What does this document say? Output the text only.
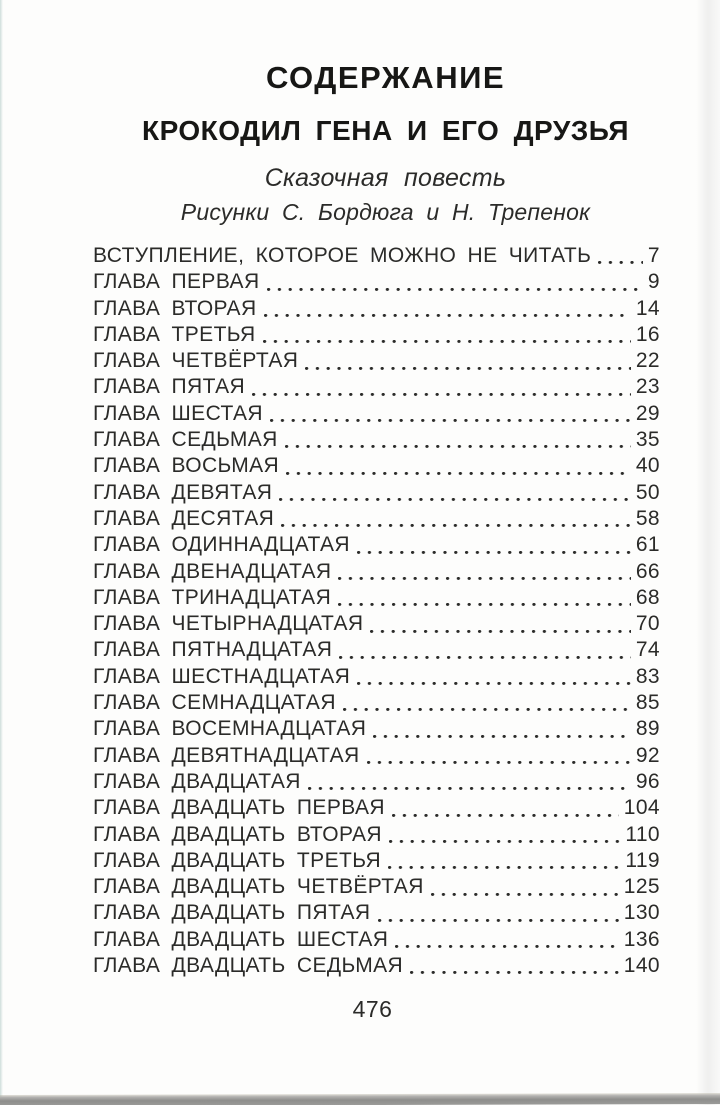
СОДЕРЖАНИЕ
КРОКОДИЛ ГЕНА И ЕГО ДРУЗЬЯ

Сказочная повесть

Рисунки С. Бордюга и Н. Трепенок

ВСТУПЛЕНИЕ, КОТОРОЕ МОЖНО НЕ ЧИТАТЬ	7
ГЛАВА ПЕРВАЯ	9
ГЛАВА ВТОРАЯ	14
ГЛАВА ТРЕТЬЯ	16
ГЛАВА ЧЕТВЁРТАЯ	22
ГЛАВА ПЯТАЯ	23
ГЛАВА ШЕСТАЯ	29
ГЛАВА СЕДЬМАЯ	35
ГЛАВА ВОСЬМАЯ	40
ГЛАВА ДЕВЯТАЯ	50
ГЛАВА ДЕСЯТАЯ	58
ГЛАВА ОДИННАДЦАТАЯ	61
ГЛАВА ДВЕНАДЦАТАЯ	66
ГЛАВА ТРИНАДЦАТАЯ	68
ГЛАВА ЧЕТЫРНАДЦАТАЯ	70
ГЛАВА ПЯТНАДЦАТАЯ	74
ГЛАВА ШЕСТНАДЦАТАЯ	83
ГЛАВА СЕМНАДЦАТАЯ	85
ГЛАВА ВОСЕМНАДЦАТАЯ	89
ГЛАВА ДЕВЯТНАДЦАТАЯ	92
ГЛАВА ДВАДЦАТАЯ	96
ГЛАВА ДВАДЦАТЬ ПЕРВАЯ	104
ГЛАВА ДВАДЦАТЬ ВТОРАЯ	110
ГЛАВА ДВАДЦАТЬ ТРЕТЬЯ	119
ГЛАВА ДВАДЦАТЬ ЧЕТВЁРТАЯ	125
ГЛАВА ДВАДЦАТЬ ПЯТАЯ	130
ГЛАВА ДВАДЦАТЬ ШЕСТАЯ	136
ГЛАВА ДВАДЦАТЬ СЕДЬМАЯ	140
476
